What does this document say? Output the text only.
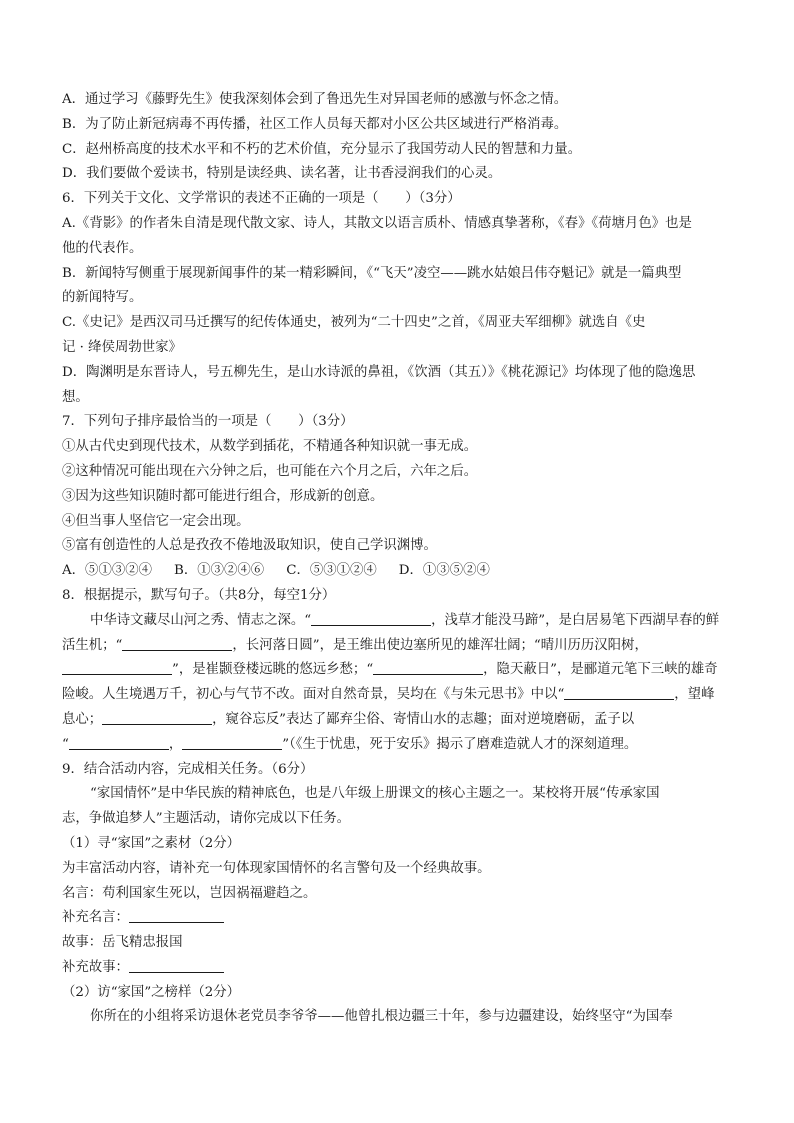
A．通过学习《藤野先生》使我深刻体会到了鲁迅先生对异国老师的感激与怀念之情。
B．为了防止新冠病毒不再传播，社区工作人员每天都对小区公共区域进行严格消毒。
C．赵州桥高度的技术水平和不朽的艺术价值，充分显示了我国劳动人民的智慧和力量。
D．我们要做个爱读书，特别是读经典、读名著，让书香浸润我们的心灵。
6．下列关于文化、文学常识的表述不正确的一项是（　　）（3分）
A.《背影》的作者朱自清是现代散文家、诗人，其散文以语言质朴、情感真挚著称，《春》《荷塘月色》也是
他的代表作。
B．新闻特写侧重于展现新闻事件的某一精彩瞬间，《“飞天”凌空——跳水姑娘吕伟夺魁记》就是一篇典型
的新闻特写。
C.《史记》是西汉司马迁撰写的纪传体通史，被列为“二十四史”之首，《周亚夫军细柳》就选自《史
记 · 绛侯周勃世家》
D．陶渊明是东晋诗人，号五柳先生，是山水诗派的鼻祖，《饮酒（其五）》《桃花源记》均体现了他的隐逸思
想。
7．下列句子排序最恰当的一项是（　　）（3分）
①从古代史到现代技术，从数学到插花，不精通各种知识就一事无成。
②这种情况可能出现在六分钟之后，也可能在六个月之后，六年之后。
③因为这些知识随时都可能进行组合，形成新的创意。
④但当事人坚信它一定会出现。
⑤富有创造性的人总是孜孜不倦地汲取知识，使自己学识渊博。
A．⑤①③②④ B．①③②④⑥ C．⑤③①②④ D．①③⑤②④
8．根据提示，默写句子。（共8分，每空1分）
中华诗文藏尽山河之秀、情志之深。“	，浅草才能没马蹄”，是白居易笔下西湖早春的鲜
活生机；“	，长河落日圆”，是王维出使边塞所见的雄浑壮阔；“晴川历历汉阳树，
”，是崔颢登楼远眺的悠远乡愁；“	，隐天蔽日”，是郦道元笔下三峡的雄奇
险峻。人生境遇万千，初心与气节不改。面对自然奇景，吴均在《与朱元思书》中以“	，望峰
息心；	，窥谷忘反”表达了鄙弃尘俗、寄情山水的志趣；面对逆境磨砺，孟子以
“	，	”（《生于忧患，死于安乐》揭示了磨难造就人才的深刻道理。
9．结合活动内容，完成相关任务。（6分）
“家国情怀”是中华民族的精神底色，也是八年级上册课文的核心主题之一。某校将开展“传承家国
志，争做追梦人”主题活动，请你完成以下任务。
（1）寻“家国”之素材（2分）
为丰富活动内容，请补充一句体现家国情怀的名言警句及一个经典故事。
名言：苟利国家生死以，岂因祸福避趋之。
补充名言：
故事：岳飞精忠报国
补充故事：
（2）访“家国”之榜样（2分）
你所在的小组将采访退休老党员李爷爷——他曾扎根边疆三十年，参与边疆建设，始终坚守“为国奉
